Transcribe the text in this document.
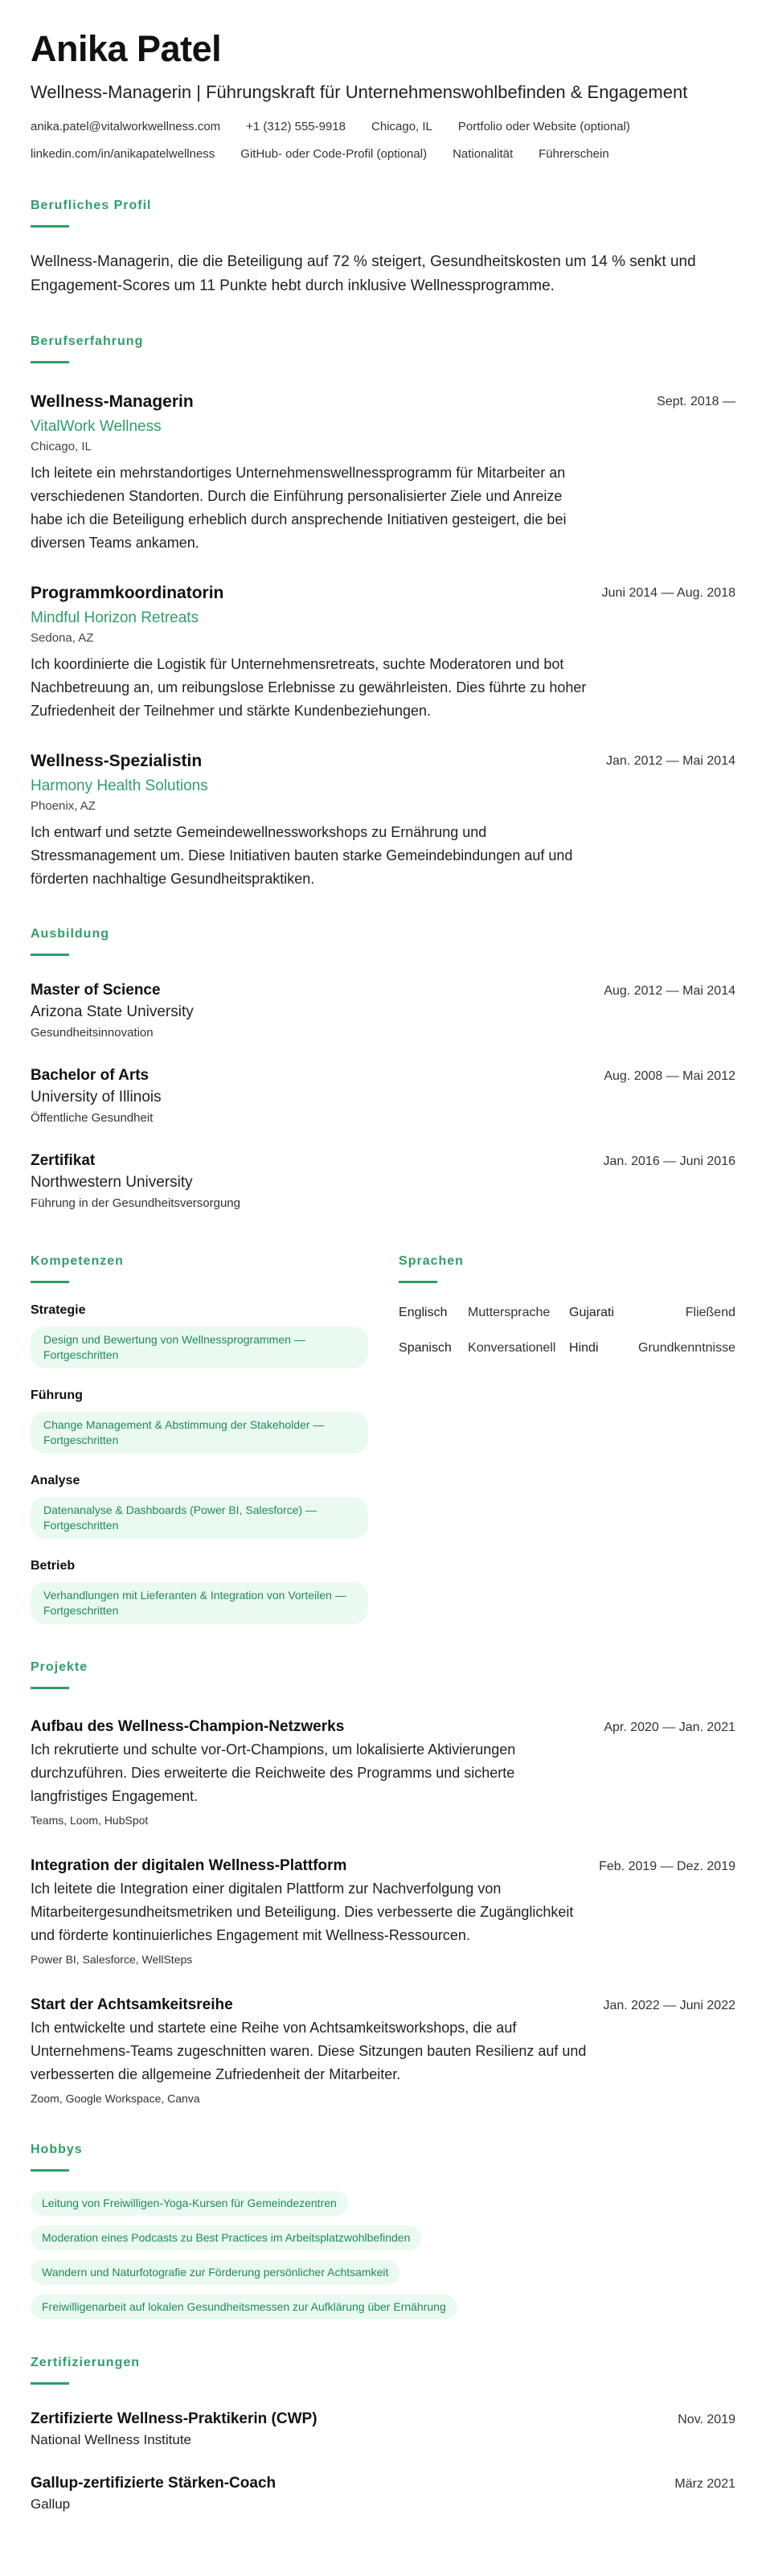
Anika Patel
Wellness-Managerin | Führungskraft für Unternehmenswohlbefinden & Engagement
anika.patel@vitalworkwellness.com +1 (312) 555-9918 Chicago, IL Portfolio oder Website (optional)
linkedin.com/in/anikapatelwellness GitHub- oder Code-Profil (optional) Nationalität Führerschein
Berufliches Profil

Wellness-Managerin, die die Beteiligung auf 72 % steigert, Gesundheitskosten um 14 % senkt und Engagement-Scores um 11 Punkte hebt durch inklusive Wellnessprogramme.

Berufserfahrung
Wellness-Managerin	Sept. 2018 —
VitalWork Wellness
Chicago, IL

Ich leitete ein mehrstandortiges Unternehmenswellnessprogramm für Mitarbeiter an verschiedenen Standorten. Durch die Einführung personalisierter Ziele und Anreize habe ich die Beteiligung erheblich durch ansprechende Initiativen gesteigert, die bei diversen Teams ankamen.

Programmkoordinatorin	Juni 2014 — Aug. 2018
Mindful Horizon Retreats
Sedona, AZ

Ich koordinierte die Logistik für Unternehmensretreats, suchte Moderatoren und bot Nachbetreuung an, um reibungslose Erlebnisse zu gewährleisten. Dies führte zu hoher Zufriedenheit der Teilnehmer und stärkte Kundenbeziehungen.

Wellness-Spezialistin	Jan. 2012 — Mai 2014
Harmony Health Solutions
Phoenix, AZ

Ich entwarf und setzte Gemeindewellnessworkshops zu Ernährung und Stressmanagement um. Diese Initiativen bauten starke Gemeindebindungen auf und förderten nachhaltige Gesundheitspraktiken.

Ausbildung
Master of Science	Aug. 2012 — Mai 2014
Arizona State University
Gesundheitsinnovation
Bachelor of Arts	Aug. 2008 — Mai 2012
University of Illinois
Öffentliche Gesundheit
Zertifikat	Jan. 2016 — Juni 2016
Northwestern University
Führung in der Gesundheitsversorgung
Kompetenzen
Strategie
Design und Bewertung von Wellnessprogrammen — Fortgeschritten
Führung
Change Management & Abstimmung der Stakeholder — Fortgeschritten
Analyse
Datenanalyse & Dashboards (Power BI, Salesforce) — Fortgeschritten
Betrieb
Verhandlungen mit Lieferanten & Integration von Vorteilen — Fortgeschritten
Sprachen
Englisch	Muttersprache	Gujarati	Fließend
Spanisch	Konversationell	Hindi	Grundkenntnisse
Projekte
Aufbau des Wellness-Champion-Netzwerks	Apr. 2020 — Jan. 2021

Ich rekrutierte und schulte vor-Ort-Champions, um lokalisierte Aktivierungen durchzuführen. Dies erweiterte die Reichweite des Programms und sicherte langfristiges Engagement.

Teams, Loom, HubSpot
Integration der digitalen Wellness-Plattform	Feb. 2019 — Dez. 2019

Ich leitete die Integration einer digitalen Plattform zur Nachverfolgung von Mitarbeitergesundheitsmetriken und Beteiligung. Dies verbesserte die Zugänglichkeit und förderte kontinuierliches Engagement mit Wellness-Ressourcen.

Power BI, Salesforce, WellSteps
Start der Achtsamkeitsreihe	Jan. 2022 — Juni 2022

Ich entwickelte und startete eine Reihe von Achtsamkeitsworkshops, die auf Unternehmens-Teams zugeschnitten waren. Diese Sitzungen bauten Resilienz auf und verbesserten die allgemeine Zufriedenheit der Mitarbeiter.

Zoom, Google Workspace, Canva
Hobbys
Leitung von Freiwilligen-Yoga-Kursen für Gemeindezentren
Moderation eines Podcasts zu Best Practices im Arbeitsplatzwohlbefinden
Wandern und Naturfotografie zur Förderung persönlicher Achtsamkeit
Freiwilligenarbeit auf lokalen Gesundheitsmessen zur Aufklärung über Ernährung
Zertifizierungen
Zertifizierte Wellness-Praktikerin (CWP)	Nov. 2019
National Wellness Institute
Gallup-zertifizierte Stärken-Coach	März 2021
Gallup
